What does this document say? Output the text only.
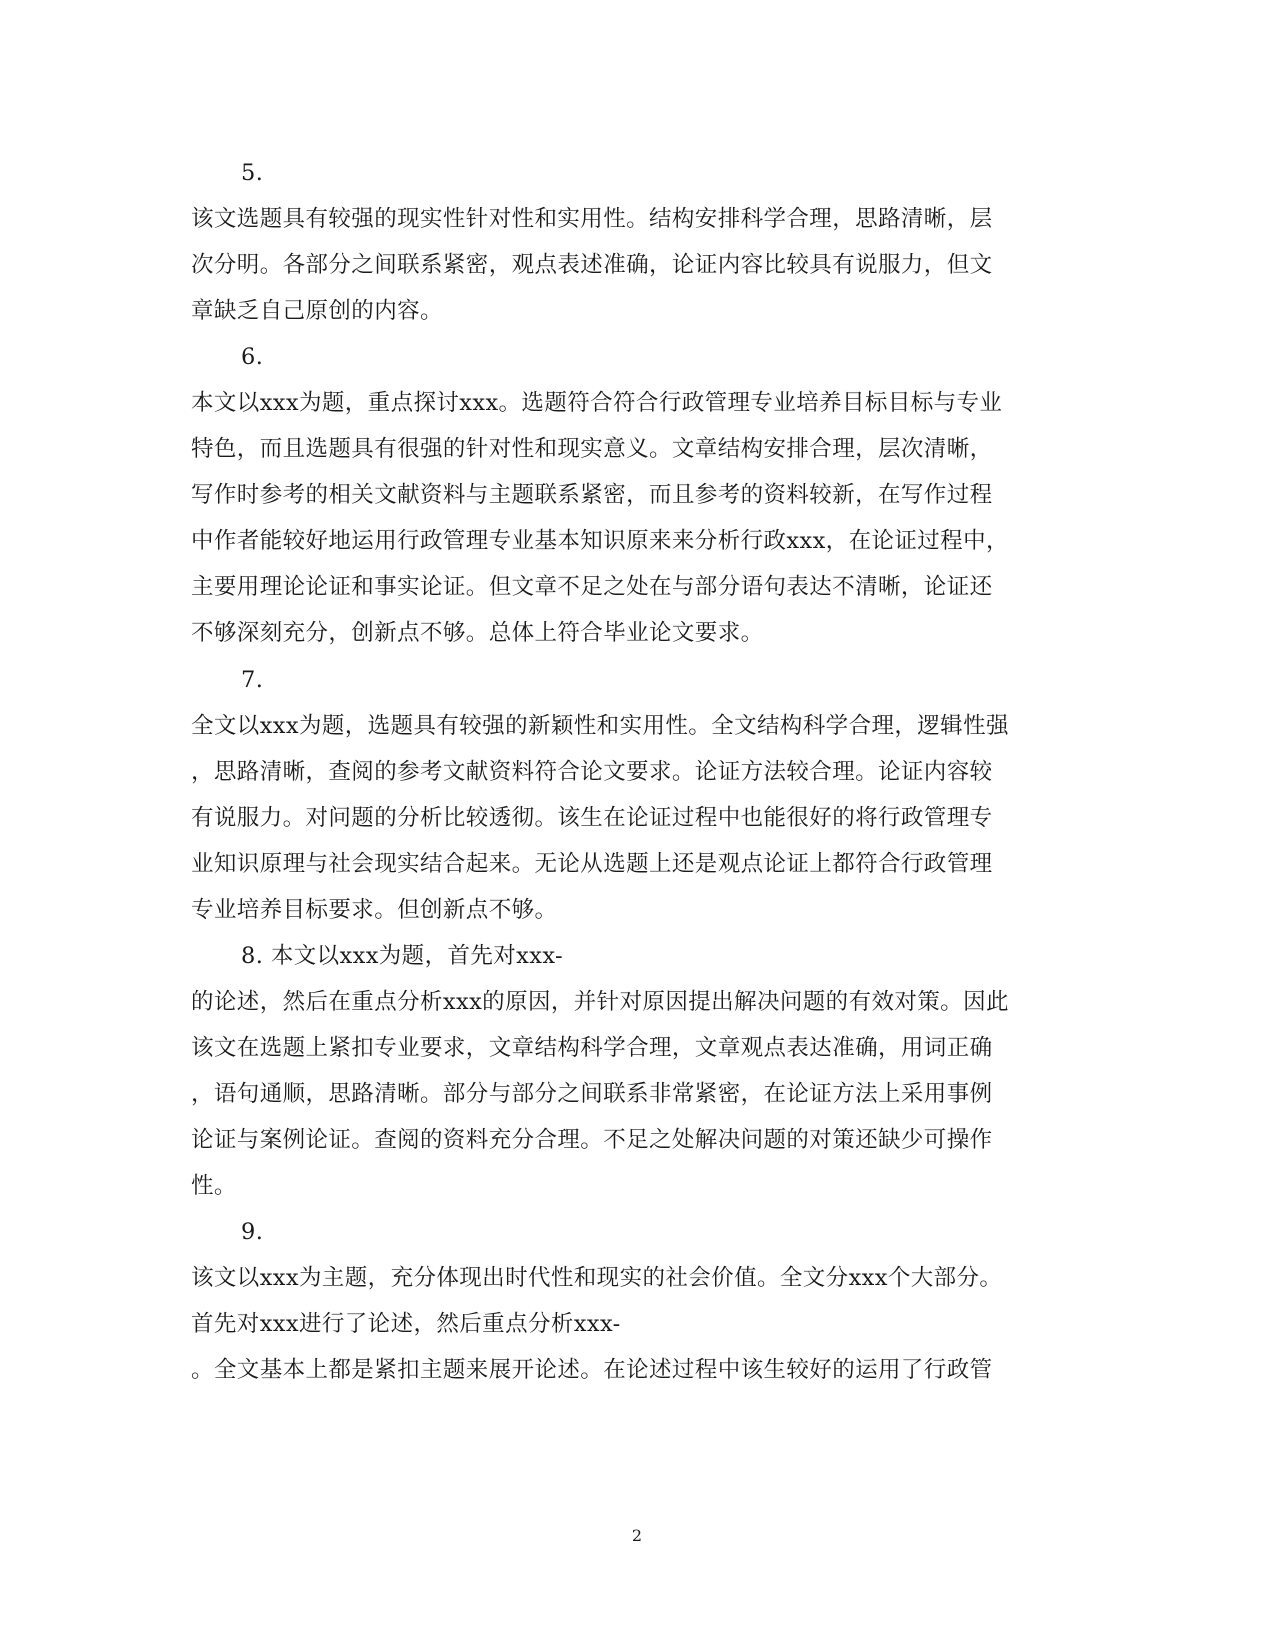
5.
该文选题具有较强的现实性针对性和实用性。结构安排科学合理，思路清晰，层
次分明。各部分之间联系紧密，观点表述准确，论证内容比较具有说服力，但文
章缺乏自己原创的内容。
6.
本文以xxx为题，重点探讨xxx。选题符合符合行政管理专业培养目标目标与专业
特色，而且选题具有很强的针对性和现实意义。文章结构安排合理，层次清晰，
写作时参考的相关文献资料与主题联系紧密，而且参考的资料较新，在写作过程
中作者能较好地运用行政管理专业基本知识原来来分析行政xxx，在论证过程中，
主要用理论论证和事实论证。但文章不足之处在与部分语句表达不清晰，论证还
不够深刻充分，创新点不够。总体上符合毕业论文要求。
7.
全文以xxx为题，选题具有较强的新颖性和实用性。全文结构科学合理，逻辑性强
，思路清晰，查阅的参考文献资料符合论文要求。论证方法较合理。论证内容较
有说服力。对问题的分析比较透彻。该生在论证过程中也能很好的将行政管理专
业知识原理与社会现实结合起来。无论从选题上还是观点论证上都符合行政管理
专业培养目标要求。但创新点不够。
8. 本文以xxx为题，首先对xxx-
的论述，然后在重点分析xxx的原因，并针对原因提出解决问题的有效对策。因此
该文在选题上紧扣专业要求，文章结构科学合理，文章观点表达准确，用词正确
，语句通顺，思路清晰。部分与部分之间联系非常紧密，在论证方法上采用事例
论证与案例论证。查阅的资料充分合理。不足之处解决问题的对策还缺少可操作
性。
9.
该文以xxx为主题，充分体现出时代性和现实的社会价值。全文分xxx个大部分。
首先对xxx进行了论述，然后重点分析xxx-
。全文基本上都是紧扣主题来展开论述。在论述过程中该生较好的运用了行政管
2
